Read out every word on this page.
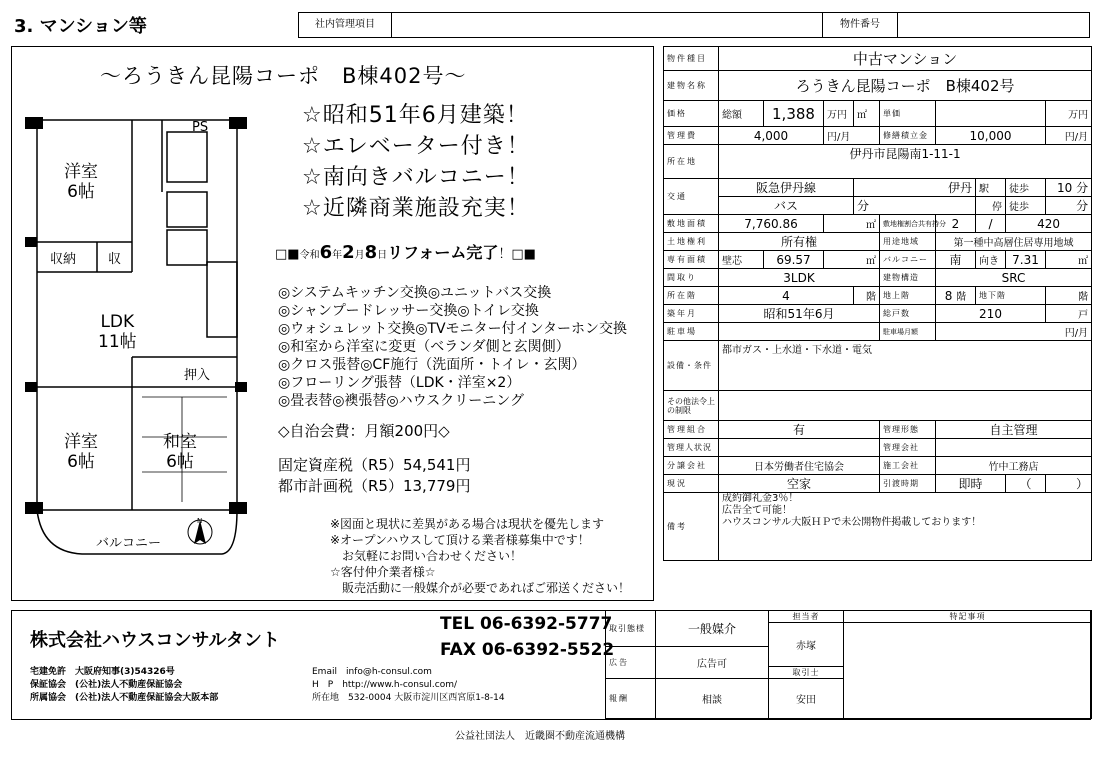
3. マンション等	社内管理項目	物件番号
～ろうきん昆陽コーポ　B棟402号～
PS
洋室
6帖
収納 収
LDK
11帖
押入
洋室
6帖
和室
6帖
バルコニー
N
☆昭和51年6月建築！
☆エレベーター付き！
☆南向きバルコニー！
☆近隣商業施設充実！
□■令和6年2月8日リフォーム完了！□■
◎システムキッチン交換◎ユニットバス交換
◎シャンプードレッサー交換◎トイレ交換
◎ウォシュレット交換◎TVモニター付インターホン交換
◎和室から洋室に変更（ベランダ側と玄関側）
◎クロス張替◎CF施行（洗面所・トイレ・玄関）
◎フローリング張替（LDK・洋室×2）
◎畳表替◎襖張替◎ハウスクリーニング
◇自治会費：月額200円◇
固定資産税（R5）54,541円
都市計画税（R5）13,779円
※図面と現状に差異がある場合は現状を優先します
※オープンハウスして頂ける業者様募集中です！
　お気軽にお問い合わせください！
☆客付仲介業者様☆
　販売活動に一般媒介が必要であればご邪送ください！
物件種目	中古マンション								
建物名称	ろうきん昆陽コーポ　B棟402号								
価格	総額	1,388	万円	㎡	単価				万円
管理費	4,000		円/月		修繕積立金	10,000			円/月
所在地	伊丹市昆陽南1-11-1								
交通	阪急伊丹線			伊丹			駅	徒歩	10 分
	バス			分			停	徒歩	分
敷地面積	7,760.86		㎡		敷地権割合共有持分	2	/	420	
土地権利	所有権				用途地域	第一種中高層住居専用地域			
専有面積	壁芯	69.57	㎡		バルコニー	南	向き	7.31	㎡
間取り	3LDK				建物構造	SRC			
所在階	4			階	地上階	8 階	地下階		階
築年月	昭和51年6月				総戸数	210			戸
駐車場					駐車場月額	円/月			
設備・条件	都市ガス・上水道・下水道・電気								
その他法令上の制限									
管理組合	有				管理形態	自主管理			
管理人状況					管理会社				
分譲会社	日本労働者住宅協会				施工会社	竹中工務店			
現況	空家				引渡時期	即時		（	）
備考	成約御礼金3％！
広告全て可能！
ハウスコンサル大阪ＨＰで未公開物件掲載しております！								
株式会社ハウスコンサルタント
TEL 06-6392-5777
FAX 06-6392-5522
宅建免許　大阪府知事(3)54326号
保証協会　(公社)法人不動産保証協会
所属協会　(公社)法人不動産保証協会大阪本部
Email　info@h-consul.com
H　P　http://www.h-consul.com/
所在地　532-0004 大阪市淀川区西宮原1-8-14
取引態様	一般媒介	担当者	特記事項
		赤塚	
広告	広告可		
		取引士	
報酬	相談	安田	
公益社団法人　近畿圏不動産流通機構
